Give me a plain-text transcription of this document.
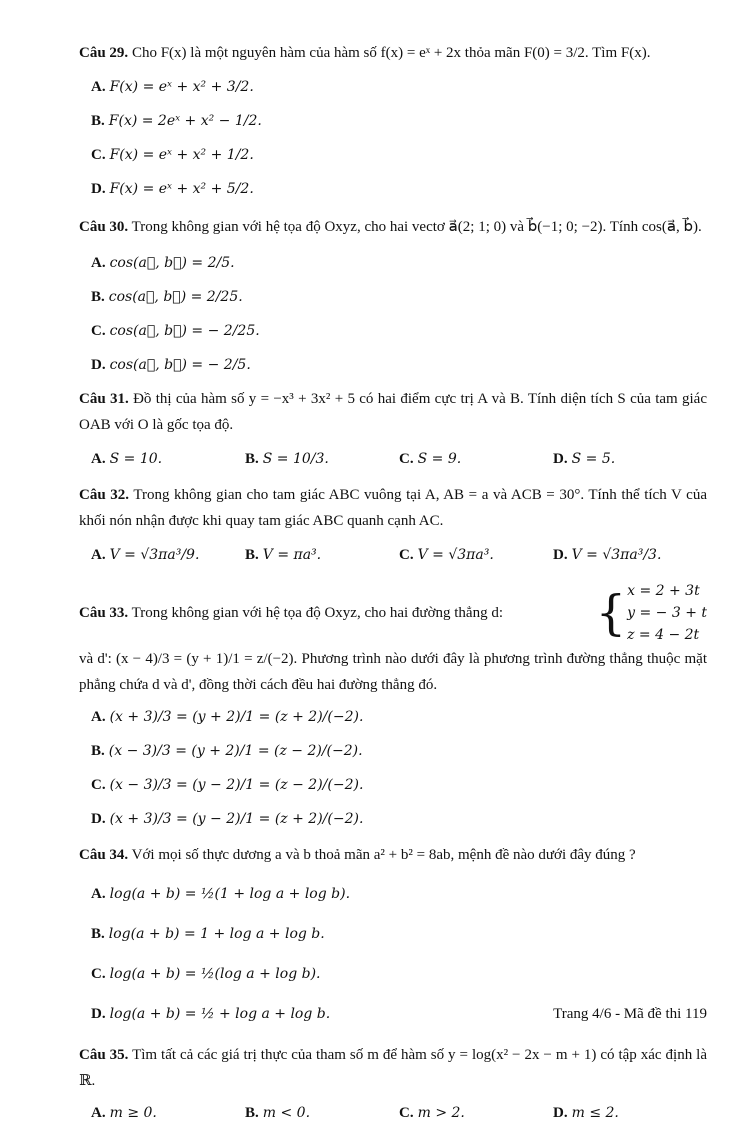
Câu 29. Cho F(x) là một nguyên hàm của hàm số f(x) = eˣ + 2x thỏa mãn F(0) = 3/2. Tìm F(x).
A. F(x) = eˣ + x² + 3/2.
B. F(x) = 2eˣ + x² − 1/2.
C. F(x) = eˣ + x² + 1/2.
D. F(x) = eˣ + x² + 5/2.
Câu 30. Trong không gian với hệ tọa độ Oxyz, cho hai vectơ a⃗(2; 1; 0) và b⃗(−1; 0; −2). Tính cos(a⃗, b⃗).
A. cos(a⃗, b⃗) = 2/5.
B. cos(a⃗, b⃗) = 2/25.
C. cos(a⃗, b⃗) = − 2/25.
D. cos(a⃗, b⃗) = − 2/5.
Câu 31. Đồ thị của hàm số y = −x³ + 3x² + 5 có hai điểm cực trị A và B. Tính diện tích S của tam giác OAB với O là gốc tọa độ.
A. S = 10.	B. S = 10/3.	C. S = 9.	D. S = 5.
Câu 32. Trong không gian cho tam giác ABC vuông tại A, AB = a và ACB = 30°. Tính thể tích V của khối nón nhận được khi quay tam giác ABC quanh cạnh AC.
A. V = √3πa³/9.	B. V = πa³.	C. V = √3πa³.	D. V = √3πa³/3.
Câu 33. Trong không gian với hệ tọa độ Oxyz, cho hai đường thẳng d: { x = 2 + 3t
y = − 3 + t
z = 4 − 2t
và d': (x − 4)/3 = (y + 1)/1 = z/(−2). Phương trình nào dưới đây là phương trình đường thẳng thuộc mặt phẳng chứa d và d', đồng thời cách đều hai đường thẳng đó.
A. (x + 3)/3 = (y + 2)/1 = (z + 2)/(−2).
B. (x − 3)/3 = (y + 2)/1 = (z − 2)/(−2).
C. (x − 3)/3 = (y − 2)/1 = (z − 2)/(−2).
D. (x + 3)/3 = (y − 2)/1 = (z + 2)/(−2).
Câu 34. Với mọi số thực dương a và b thoả mãn a² + b² = 8ab, mệnh đề nào dưới đây đúng ?
A. log(a + b) = ½(1 + log a + log b).
B. log(a + b) = 1 + log a + log b.
C. log(a + b) = ½(log a + log b).
D. log(a + b) = ½ + log a + log b.
Câu 35. Tìm tất cả các giá trị thực của tham số m để hàm số y = log(x² − 2x − m + 1) có tập xác định là ℝ.
A. m ≥ 0.	B. m < 0.	C. m > 2.	D. m ≤ 2.
Trang 4/6 - Mã đề thi 119
